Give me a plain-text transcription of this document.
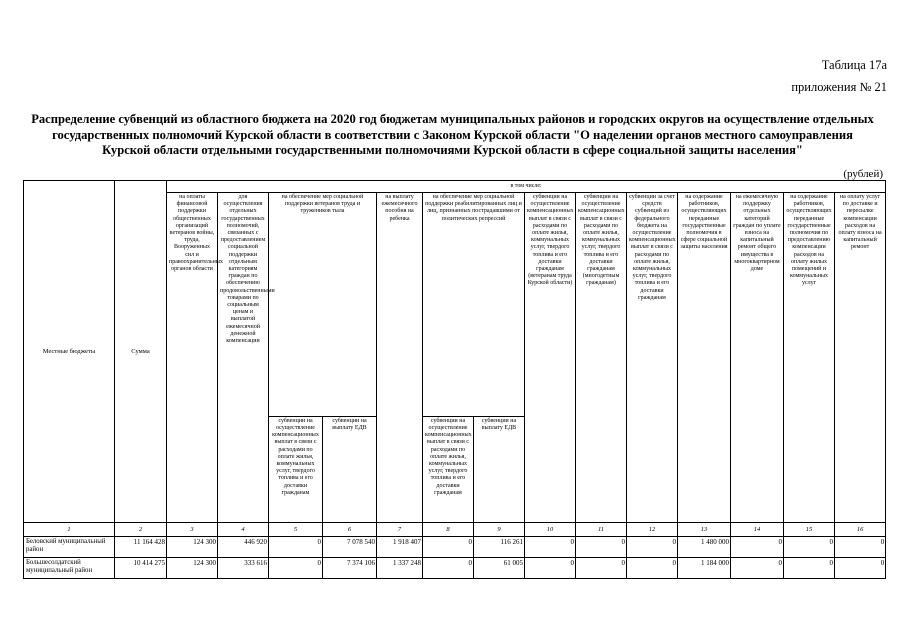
Таблица 17а
приложения № 21
Распределение субвенций из областного бюджета на 2020 год бюджетам муниципальных районов и городских округов на осуществление отдельных государственных полномочий Курской области в соответствии с Законом Курской области "О наделении органов местного самоуправления Курской области отдельными государственными полномочиями Курской области в сфере социальной защиты населения"
(рублей)
Местные бюджеты	Сумма	в том числе:													
		на оплаты финансовой поддержки общественных организаций ветеранов войны, труда, Вооруженных сил и правоохранительных органов области	для осуществления отдельных государственных полномочий, связанных с предоставлением социальной поддержки отдельным категориям граждан по обеспечению продовольственными товарами по социальным ценам и выплатой ежемесячной денежной компенсации	на обеспечение мер социальной поддержки ветеранов труда и тружеников тыла		на выплату ежемесячного пособия на ребенка	на обеспечение мер социальной поддержки реабилитированных лиц и лиц, признанных пострадавшими от политических репрессий		субвенции на осуществление компенсационных выплат в связи с расходами по оплате жилья, коммунальных услуг, твердого топлива и его доставки гражданам (ветеранам труда Курской области)	субвенции на осуществление компенсационных выплат в связи с расходами по оплате жилья, коммунальных услуг, твердого топлива и его доставки гражданам (многодетным гражданам)	субвенции за счет средств субвенций из федерального бюджета на осуществление компенсационных выплат в связи с расходами по оплате жилья, коммунальных услуг, твердого топлива и его доставки гражданам	на содержание работников, осуществляющих переданные государственные полномочия в сфере социальной защиты населения	на ежемесячную поддержку отдельных категорий граждан по уплате взноса на капитальный ремонт общего имущества в многоквартирном доме	на содержание работников, осуществляющих переданные государственные полномочия по предоставлению компенсации расходов на оплату жилых помещений и коммунальных услуг	на оплату услуг по доставке и пересылке компенсации расходов на оплату взноса на капитальный ремонт

				субвенции на осуществление компенсационных выплат в связи с расходами по оплате жилья, коммунальных услуг, твердого топлива и его доставки гражданам	субвенции на выплату ЕДВ		субвенции на осуществление компенсационных выплат в связи с расходами по оплате жилья, коммунальных услуг, твердого топлива и его доставки гражданам	субвенции на выплату ЕДВ							
1	2	3	4	5	6	7	8	9	10	11	12	13	14	15	16
Беловский муниципальный район	11 164 428	124 300	446 920	0	7 078 540	1 918 407	0	116 261	0	0	0	1 480 000	0	0	0
Большесолдатский муниципальный район	10 414 275	124 300	333 616	0	7 374 106	1 337 248	0	61 005	0	0	0	1 184 000	0	0	0
